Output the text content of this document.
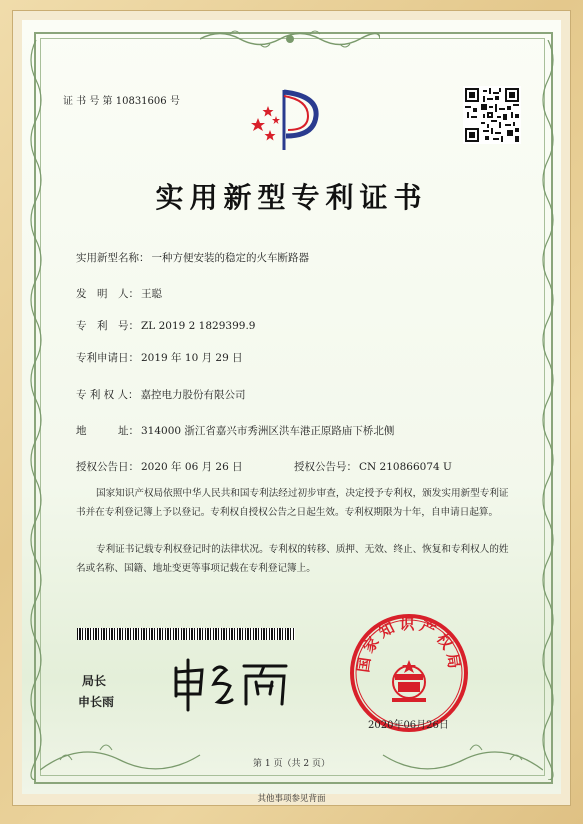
证 书 号 第 10831606 号
实用新型专利证书
实用新型名称： 一种方便安装的稳定的火车断路器
发　明　人： 王聪
专　利　号： ZL 2019 2 1829399.9
专利申请日： 2019 年 10 月 29 日
专 利 权 人： 嘉控电力股份有限公司
地　　　址： 314000 浙江省嘉兴市秀洲区洪车港正原路庙下桥北侧
授权公告日： 2020 年 06 月 26 日	授权公告号： CN 210866074 U
国家知识产权局依照中华人民共和国专利法经过初步审查，决定授予专利权，颁发实用新型专利证书并在专利登记簿上予以登记。专利权自授权公告之日起生效。专利权期限为十年，自申请日起算。
专利证书记载专利权登记时的法律状况。专利权的转移、质押、无效、终止、恢复和专利权人的姓名或名称、国籍、地址变更等事项记载在专利登记簿上。
局长
申长雨
国家知识产权局
2020年06月26日
第 1 页（共 2 页）
其他事项参见背面
